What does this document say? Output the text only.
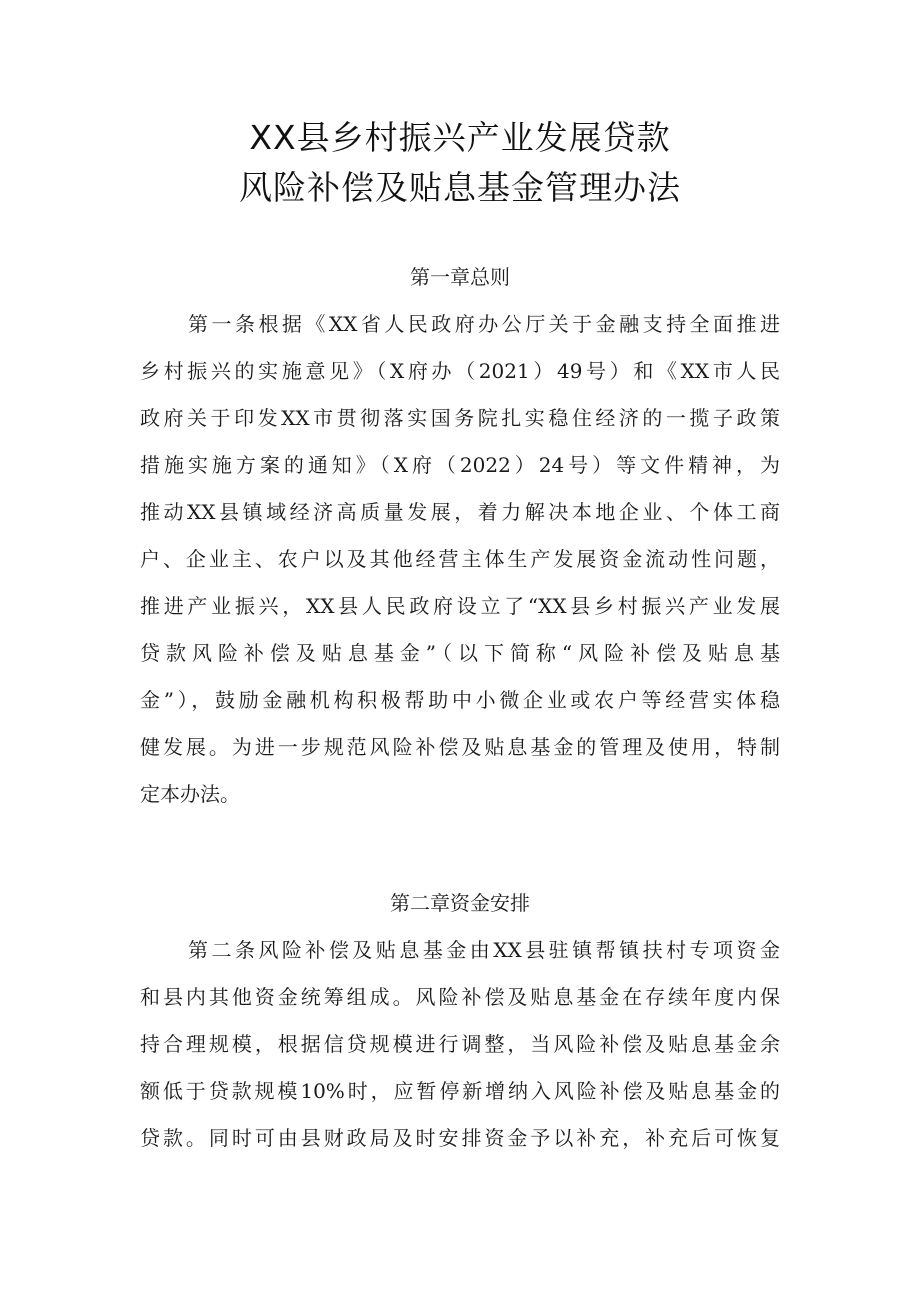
XX县乡村振兴产业发展贷款
风险补偿及贴息基金管理办法
第一章总则
第一条根据《XX省人民政府办公厅关于金融支持全面推进
乡村振兴的实施意见》（X府办（2021）49号）和《XX市人民
政府关于印发XX市贯彻落实国务院扎实稳住经济的一揽子政策
措施实施方案的通知》（X府（2022）24号）等文件精神，为
推动XX县镇域经济高质量发展，着力解决本地企业、个体工商
户、企业主、农户以及其他经营主体生产发展资金流动性问题，
推进产业振兴，XX县人民政府设立了“XX县乡村振兴产业发展
贷款风险补偿及贴息基金”（以下简称“风险补偿及贴息基
金”），鼓励金融机构积极帮助中小微企业或农户等经营实体稳
健发展。为进一步规范风险补偿及贴息基金的管理及使用，特制
定本办法。
第二章资金安排
第二条风险补偿及贴息基金由XX县驻镇帮镇扶村专项资金
和县内其他资金统筹组成。风险补偿及贴息基金在存续年度内保
持合理规模，根据信贷规模进行调整，当风险补偿及贴息基金余
额低于贷款规模10%时，应暂停新增纳入风险补偿及贴息基金的
贷款。同时可由县财政局及时安排资金予以补充，补充后可恢复
